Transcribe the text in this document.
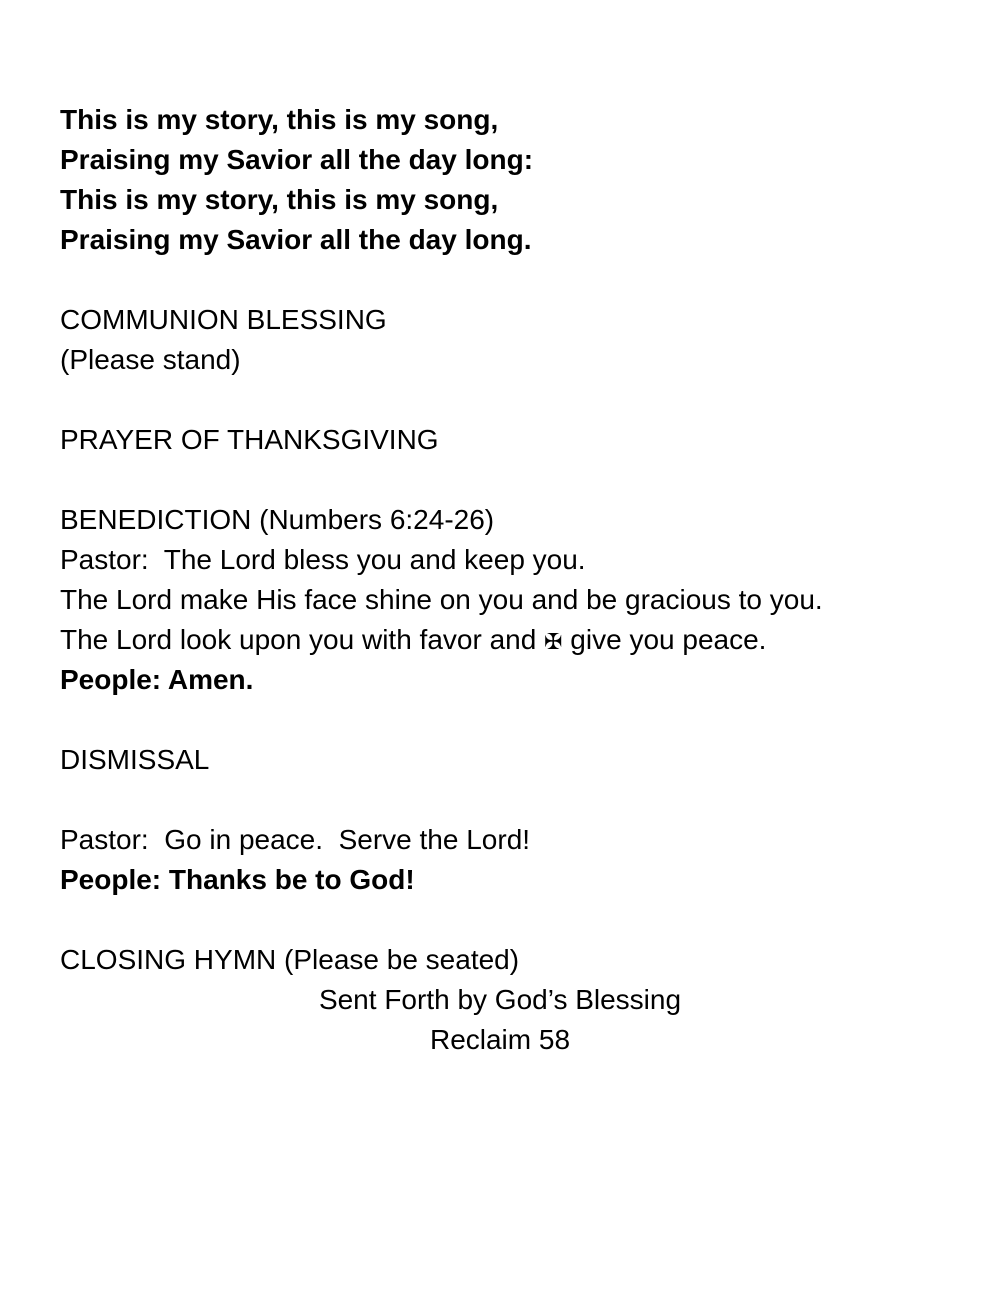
This is my story, this is my song,
Praising my Savior all the day long:
This is my story, this is my song,
Praising my Savior all the day long.
COMMUNION BLESSING
(Please stand)
PRAYER OF THANKSGIVING
BENEDICTION (Numbers 6:24-26)
Pastor:  The Lord bless you and keep you.
The Lord make His face shine on you and be gracious to you.
The Lord look upon you with favor and ✠ give you peace.
People: Amen.
DISMISSAL
Pastor:  Go in peace.  Serve the Lord!
People: Thanks be to God!
CLOSING HYMN (Please be seated)
Sent Forth by God’s Blessing
Reclaim 58
